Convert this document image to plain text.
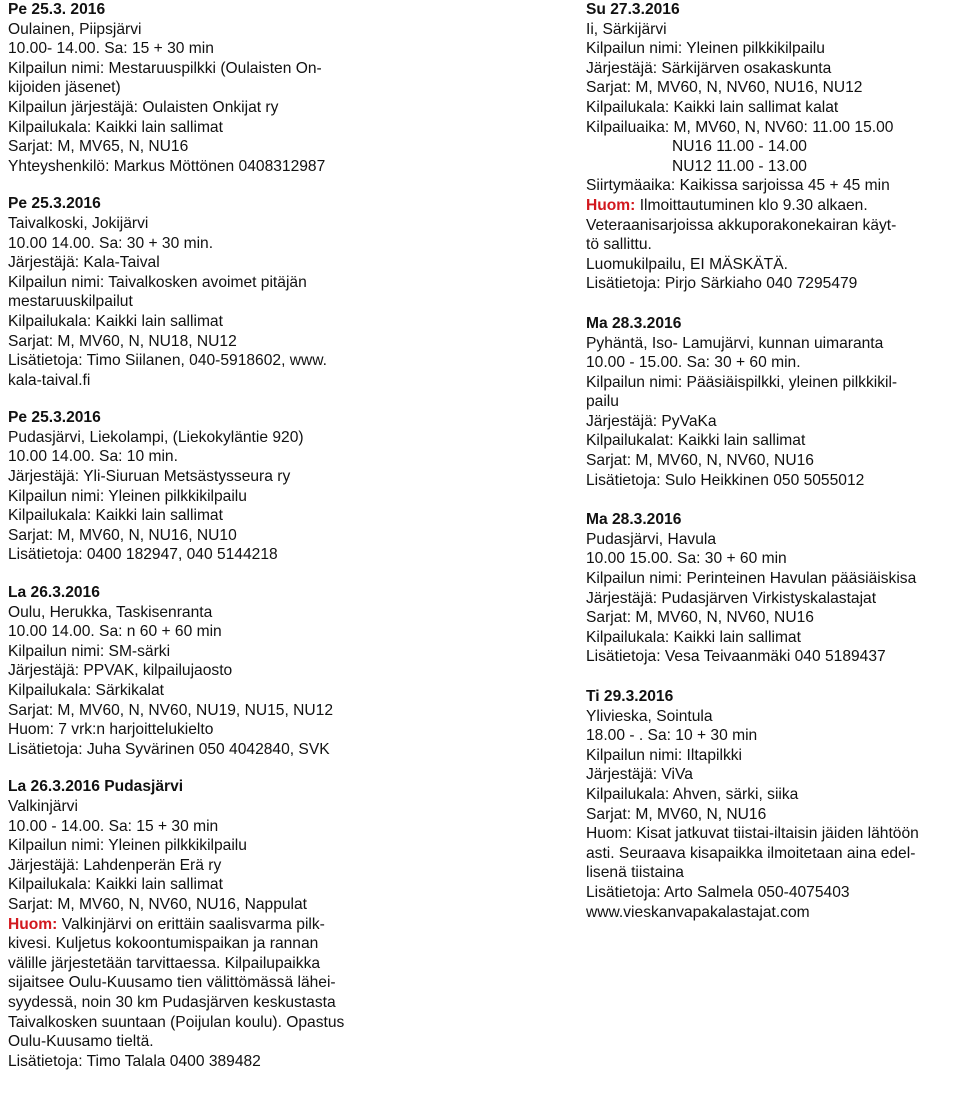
Pe 25.3. 2016
Oulainen, Piipsjärvi
10.00- 14.00. Sa: 15 + 30 min
Kilpailun nimi: Mestaruuspilkki (Oulaisten On-
kijoiden jäsenet)
Kilpailun järjestäjä: Oulaisten Onkijat ry
Kilpailukala: Kaikki lain sallimat
Sarjat: M, MV65, N, NU16
Yhteyshenkilö: Markus Möttönen 0408312987
Pe 25.3.2016
Taivalkoski, Jokijärvi
10.00 14.00. Sa: 30 + 30 min.
Järjestäjä: Kala-Taival
Kilpailun nimi: Taivalkosken avoimet pitäjän
mestaruuskilpailut
Kilpailukala: Kaikki lain sallimat
Sarjat: M, MV60, N, NU18, NU12
Lisätietoja: Timo Siilanen, 040-5918602, www.
kala-taival.fi
Pe 25.3.2016
Pudasjärvi, Liekolampi, (Liekokyläntie 920)
10.00 14.00. Sa: 10 min.
Järjestäjä: Yli-Siuruan Metsästysseura ry
Kilpailun nimi: Yleinen pilkkikilpailu
Kilpailukala: Kaikki lain sallimat
Sarjat: M, MV60, N, NU16, NU10
Lisätietoja: 0400 182947, 040 5144218
La 26.3.2016
Oulu, Herukka, Taskisenranta
10.00 14.00. Sa: n 60 + 60 min
Kilpailun nimi: SM-särki
Järjestäjä: PPVAK, kilpailujaosto
Kilpailukala: Särkikalat
Sarjat: M, MV60, N, NV60, NU19, NU15, NU12
Huom: 7 vrk:n harjoittelukielto
Lisätietoja: Juha Syvärinen 050 4042840, SVK
La 26.3.2016 Pudasjärvi
Valkinjärvi
10.00 - 14.00. Sa: 15 + 30 min
Kilpailun nimi: Yleinen pilkkikilpailu
Järjestäjä: Lahdenperän Erä ry
Kilpailukala: Kaikki lain sallimat
Sarjat: M, MV60, N, NV60, NU16, Nappulat
Huom: Valkinjärvi on erittäin saalisvarma pilk-
kivesi. Kuljetus kokoontumispaikan ja rannan
välille järjestetään tarvittaessa. Kilpailupaikka
sijaitsee Oulu-Kuusamo tien välittömässä lähei-
syydessä, noin 30 km Pudasjärven keskustasta
Taivalkosken suuntaan (Poijulan koulu). Opastus
Oulu-Kuusamo tieltä.
Lisätietoja: Timo Talala 0400 389482
Su 27.3.2016
Ii, Särkijärvi
Kilpailun nimi: Yleinen pilkkikilpailu
Järjestäjä: Särkijärven osakaskunta
Sarjat: M, MV60, N, NV60, NU16, NU12
Kilpailukala: Kaikki lain sallimat kalat
Kilpailuaika: M, MV60, N, NV60: 11.00 15.00
NU16 11.00 - 14.00
NU12 11.00 - 13.00
Siirtymäaika: Kaikissa sarjoissa 45 + 45 min
Huom: Ilmoittautuminen klo 9.30 alkaen.
Veteraanisarjoissa akkuporakonekairan käyt-
tö sallittu.
Luomukilpailu, EI MÄSKÄTÄ.
Lisätietoja: Pirjo Särkiaho 040 7295479
Ma 28.3.2016
Pyhäntä, Iso- Lamujärvi, kunnan uimaranta
10.00 - 15.00. Sa: 30 + 60 min.
Kilpailun nimi: Pääsiäispilkki, yleinen pilkkikil-
pailu
Järjestäjä: PyVaKa
Kilpailukalat: Kaikki lain sallimat
Sarjat: M, MV60, N, NV60, NU16
Lisätietoja: Sulo Heikkinen 050 5055012
Ma 28.3.2016
Pudasjärvi, Havula
10.00 15.00. Sa: 30 + 60 min
Kilpailun nimi: Perinteinen Havulan pääsiäiskisa
Järjestäjä: Pudasjärven Virkistyskalastajat
Sarjat: M, MV60, N, NV60, NU16
Kilpailukala: Kaikki lain sallimat
Lisätietoja: Vesa Teivaanmäki 040 5189437
Ti 29.3.2016
Ylivieska, Sointula
18.00 - . Sa: 10 + 30 min
Kilpailun nimi: Iltapilkki
Järjestäjä: ViVa
Kilpailukala: Ahven, särki, siika
Sarjat: M, MV60, N, NU16
Huom: Kisat jatkuvat tiistai-iltaisin jäiden lähtöön
asti. Seuraava kisapaikka ilmoitetaan aina edel-
lisenä tiistaina
Lisätietoja: Arto Salmela 050-4075403
www.vieskanvapakalastajat.com
